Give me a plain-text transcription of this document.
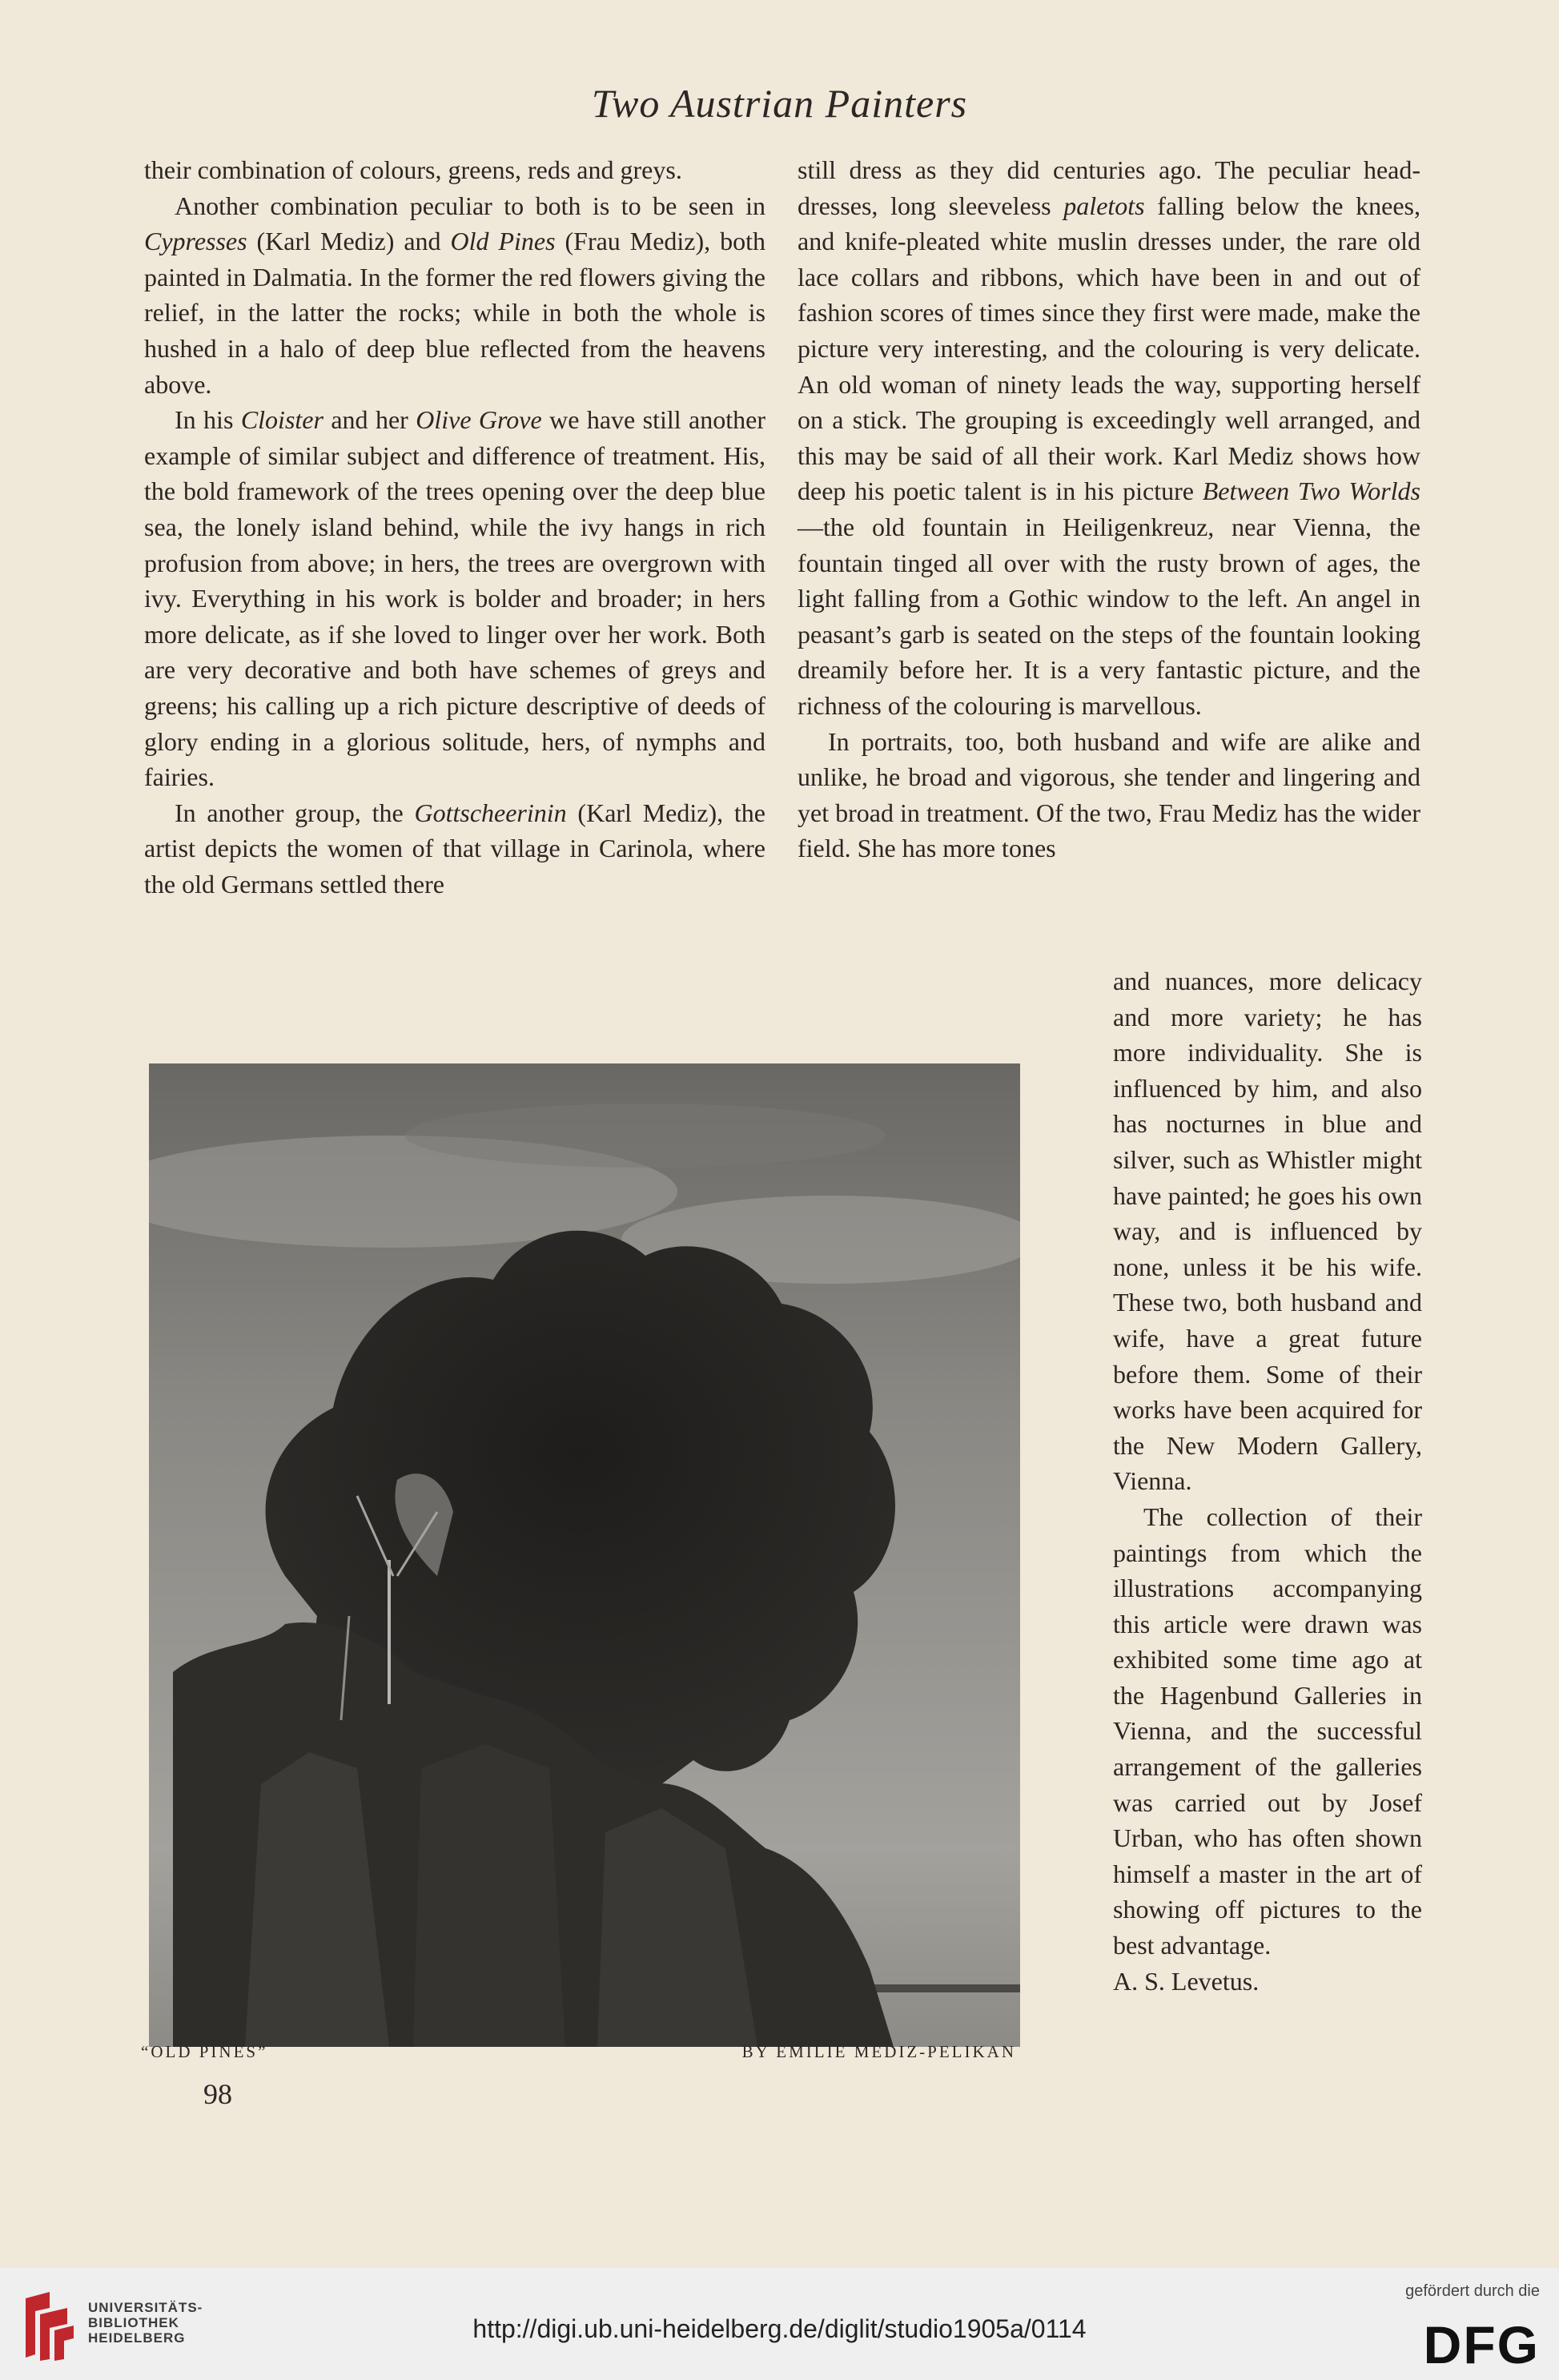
Two Austrian Painters

their combination of colours, greens, reds and greys.

Another combination peculiar to both is to be seen in Cypresses (Karl Mediz) and Old Pines (Frau Mediz), both painted in Dalmatia. In the former the red flowers giving the relief, in the latter the rocks; while in both the whole is hushed in a halo of deep blue reflected from the heavens above.

In his Cloister and her Olive Grove we have still another example of similar subject and difference of treatment. His, the bold framework of the trees opening over the deep blue sea, the lonely island behind, while the ivy hangs in rich profusion from above; in hers, the trees are overgrown with ivy. Everything in his work is bolder and broader; in hers more delicate, as if she loved to linger over her work. Both are very decorative and both have schemes of greys and greens; his calling up a rich picture descriptive of deeds of glory ending in a glorious solitude, hers, of nymphs and fairies.

In another group, the Gottscheerinin (Karl Mediz), the artist depicts the women of that village in Carinola, where the old Germans settled there

still dress as they did centuries ago. The peculiar head-dresses, long sleeveless paletots falling below the knees, and knife-pleated white muslin dresses under, the rare old lace collars and ribbons, which have been in and out of fashion scores of times since they first were made, make the picture very interesting, and the colouring is very delicate. An old woman of ninety leads the way, supporting herself on a stick. The grouping is exceedingly well arranged, and this may be said of all their work. Karl Mediz shows how deep his poetic talent is in his picture Between Two Worlds—the old fountain in Heiligenkreuz, near Vienna, the fountain tinged all over with the rusty brown of ages, the light falling from a Gothic window to the left. An angel in peasant’s garb is seated on the steps of the fountain looking dreamily before her. It is a very fantastic picture, and the richness of the colouring is marvellous.

In portraits, too, both husband and wife are alike and unlike, he broad and vigorous, she tender and lingering and yet broad in treatment. Of the two, Frau Mediz has the wider field. She has more tones

and nuances, more delicacy and more variety; he has more individuality. She is influenced by him, and also has nocturnes in blue and silver, such as Whistler might have painted; he goes his own way, and is influenced by none, unless it be his wife. These two, both husband and wife, have a great future before them. Some of their works have been acquired for the New Modern Gallery, Vienna.

The collection of their paintings from which the illustrations accompanying this article were drawn was exhibited some time ago at the Hagenbund Galleries in Vienna, and the successful arrangement of the galleries was carried out by Josef Urban, who has often shown himself a master in the art of showing off pictures to the best advantage.

A. S. Levetus.

“OLD PINES”	BY EMILIE MEDIZ-PELIKAN
98
UNIVERSITÄTS-
BIBLIOTHEK
HEIDELBERG	http://digi.ub.uni-heidelberg.de/diglit/studio1905a/0114
gefördert durch die
DFG
